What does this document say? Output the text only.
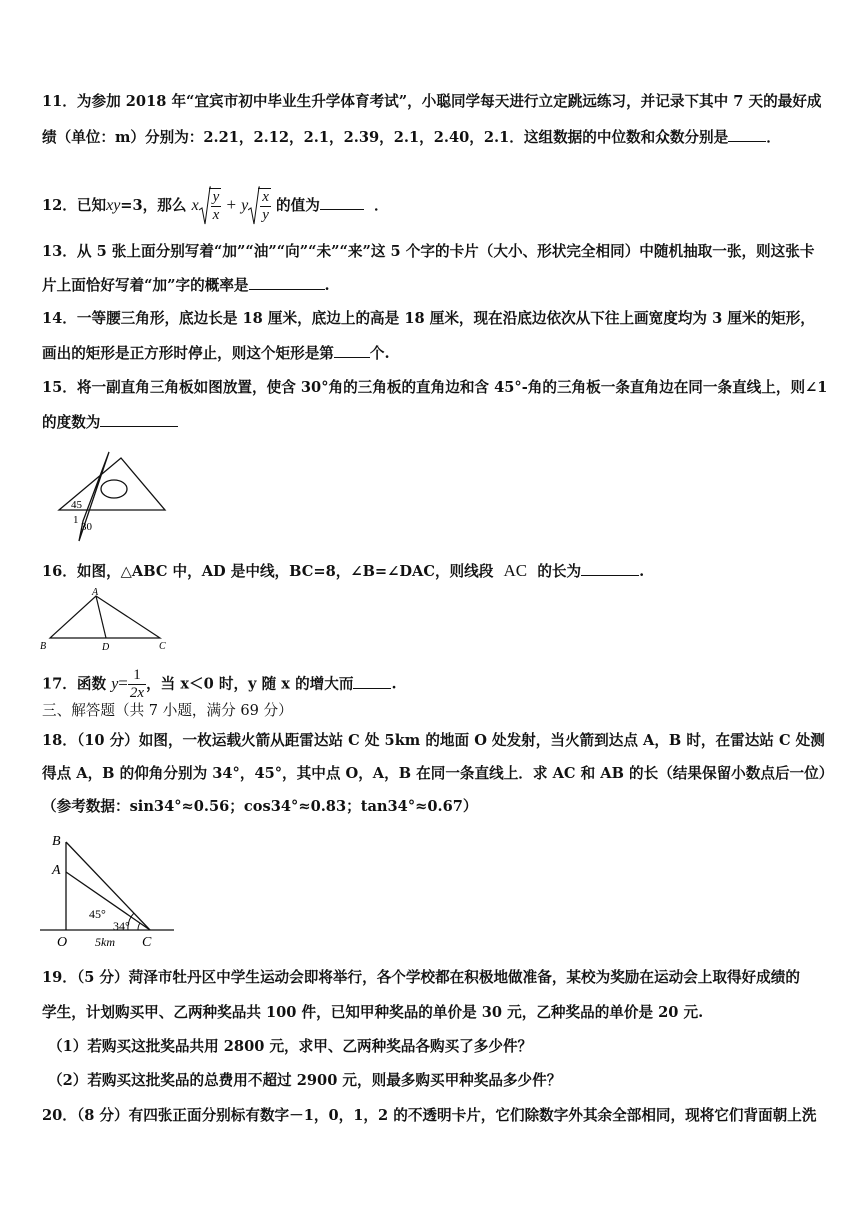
11．为参加 2018 年“宜宾市初中毕业生升学体育考试”，小聪同学每天进行立定跳远练习，并记录下其中 7 天的最好成
绩（单位：m）分别为：2.21，2.12，2.1，2.39，2.1，2.40，2.1．这组数据的中位数和众数分别是	．
12．已知xy=3，那么 x $\frac{y}{x} + y \frac{x}{y}$ 的值为	．
13．从 5 张上面分别写着“加”“油”“向”“未”“来”这 5 个字的卡片（大小、形状完全相同）中随机抽取一张，则这张卡
片上面恰好写着“加”字的概率是	.
14．一等腰三角形，底边长是 18 厘米，底边上的高是 18 厘米，现在沿底边依次从下往上画宽度均为 3 厘米的矩形，
画出的矩形是正方形时停止，则这个矩形是第 个.
15．将一副直角三角板如图放置，使含 30°角的三角板的直角边和含 45°-角的三角板一条直角边在同一条直线上，则∠1
的度数为
45
1
30
16．如图，△ABC 中，AD 是中线，BC=8，∠B=∠DAC，则线段 AC 的长为	.
A
B	D	C
17．函数 $y= \frac{1}{2x}$ ，当 x＜0 时，y 随 x 的增大而	.
三、解答题（共 7 小题，满分 69 分）
18．（10 分）如图，一枚运载火箭从距雷达站 C 处 5km 的地面 O 处发射，当火箭到达点 A，B 时，在雷达站 C 处测
得点 A，B 的仰角分别为 34°，45°，其中点 O，A，B 在同一条直线上．求 AC 和 AB 的长（结果保留小数点后一位）
（参考数据：sin34°≈0.56；cos34°≈0.83；tan34°≈0.67）
B
A
45°
34°
O 5km C
19．（5 分）菏泽市牡丹区中学生运动会即将举行，各个学校都在积极地做准备，某校为奖励在运动会上取得好成绩的
学生，计划购买甲、乙两种奖品共 100 件，已知甲种奖品的单价是 30 元，乙种奖品的单价是 20 元.
（1）若购买这批奖品共用 2800 元，求甲、乙两种奖品各购买了多少件？
（2）若购买这批奖品的总费用不超过 2900 元，则最多购买甲种奖品多少件？
20．（8 分）有四张正面分别标有数字－1，0，1，2 的不透明卡片，它们除数字外其余全部相同，现将它们背面朝上洗
